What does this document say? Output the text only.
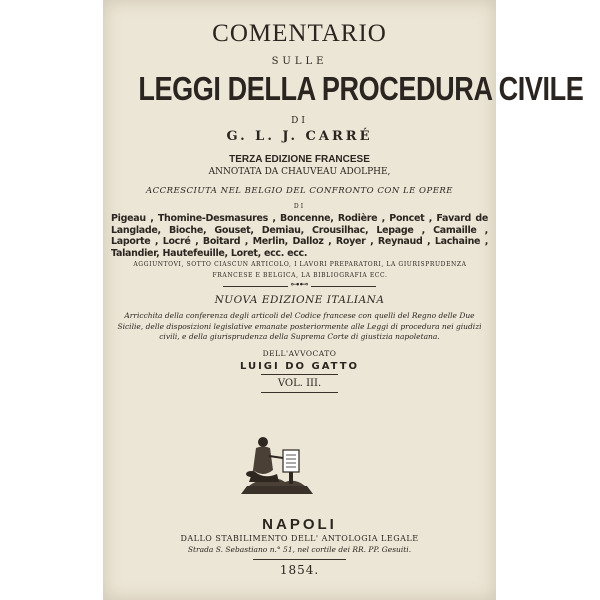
COMENTARIO
SULLE
LEGGI DELLA PROCEDURA CIVILE
DI
G. L. J. CARRÉ
TERZA EDIZIONE FRANCESE
ANNOTATA DA CHAUVEAU ADOLPHE,
ACCRESCIUTA NEL BELGIO DEL CONFRONTO CON LE OPERE
DI
Pigeau , Thomine-Desmasures , Boncenne, Rodière , Poncet , Favard de Langlade, Bioche, Gouset, Demiau, Crousilhac, Lepage , Camaille , Laporte , Locré , Boitard , Merlin, Dalloz , Royer , Reynaud , Lachaine , Talandier, Hautefeuille, Loret, ecc. ecc.
AGGIUNTOVI, SOTTO CIASCUN ARTICOLO, I LAVORI PREPARATORI, LA GIURISPRUDENZA FRANCESE E BELGICA, LA BIBLIOGRAFIA ECC.
⊶⊷
NUOVA EDIZIONE ITALIANA
Arricchita della conferenza degli articoli del Codice francese con quelli del Regno delle Due Sicilie, delle disposizioni legislative emanate posteriormente alle Leggi di procedura nei giudizi civili, e della giurisprudenza della Suprema Corte di giustizia napoletana.
DELL'AVVOCATO
LUIGI DO GATTO
VOL. III.
NAPOLI
DALLO STABILIMENTO DELL' ANTOLOGIA LEGALE
Strada S. Sebastiano n.° 51, nel cortile dei RR. PP. Gesuiti.
1854.
